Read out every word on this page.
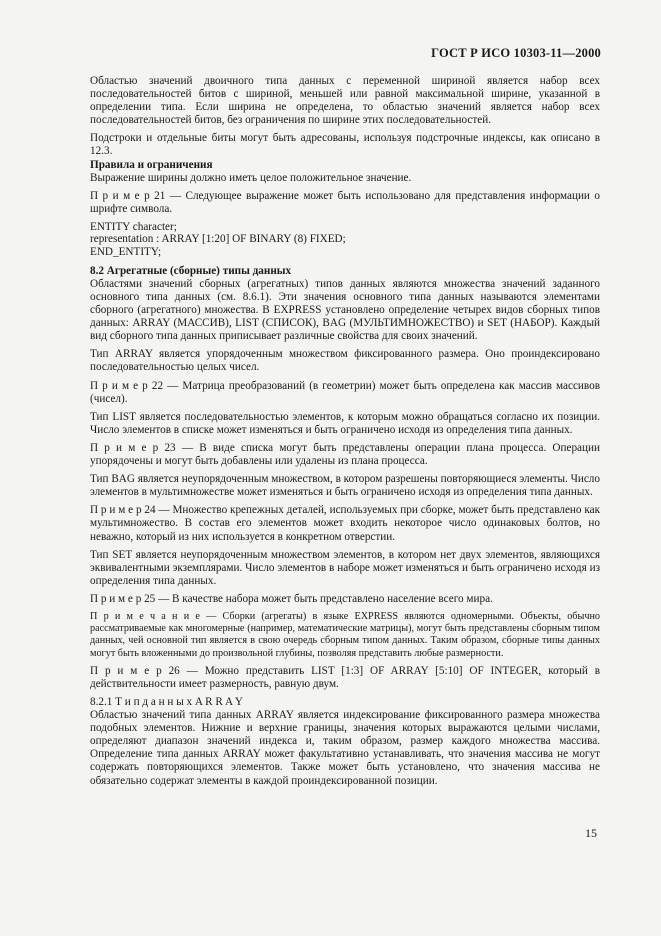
ГОСТ Р ИСО 10303-11—2000

Областью значений двоичного типа данных с переменной шириной является набор всех последовательностей битов с шириной, меньшей или равной максимальной ширине, указанной в определении типа. Если ширина не определена, то областью значений является набор всех последовательностей битов, без ограничения по ширине этих последовательностей.

Подстроки и отдельные биты могут быть адресованы, используя подстрочные индексы, как описано в 12.3.

Правила и ограничения

Выражение ширины должно иметь целое положительное значение.

П р и м е р 21 — Следующее выражение может быть использовано для представления информации о шрифте символа.

ENTITY character;
representation : ARRAY [1:20] OF BINARY (8) FIXED;
END_ENTITY;

8.2 Агрегатные (сборные) типы данных

Областями значений сборных (агрегатных) типов данных являются множества значений заданного основного типа данных (см. 8.6.1). Эти значения основного типа данных называются элементами сборного (агрегатного) множества. В EXPRESS установлено определение четырех видов сборных типов данных: ARRAY (МАССИВ), LIST (СПИСОК), BAG (МУЛЬТИМНОЖЕСТВО) и SET (НАБОР). Каждый вид сборного типа данных приписывает различные свойства для своих значений.

Тип ARRAY является упорядоченным множеством фиксированного размера. Оно проиндексировано последовательностью целых чисел.

П р и м е р 22 — Матрица преобразований (в геометрии) может быть определена как массив массивов (чисел).

Тип LIST является последовательностью элементов, к которым можно обращаться согласно их позиции. Число элементов в списке может изменяться и быть ограничено исходя из определения типа данных.

П р и м е р 23 — В виде списка могут быть представлены операции плана процесса. Операции упорядочены и могут быть добавлены или удалены из плана процесса.

Тип BAG является неупорядоченным множеством, в котором разрешены повторяющиеся элементы. Число элементов в мультимножестве может изменяться и быть ограничено исходя из определения типа данных.

П р и м е р 24 — Множество крепежных деталей, используемых при сборке, может быть представлено как мультимножество. В состав его элементов может входить некоторое число одинаковых болтов, но неважно, который из них используется в конкретном отверстии.

Тип SET является неупорядоченным множеством элементов, в котором нет двух элементов, являющихся эквивалентными экземплярами. Число элементов в наборе может изменяться и быть ограничено исходя из определения типа данных.

П р и м е р 25 — В качестве набора может быть представлено население всего мира.

П р и м е ч а н и е — Сборки (агрегаты) в языке EXPRESS являются одномерными. Объекты, обычно рассматриваемые как многомерные (например, математические матрицы), могут быть представлены сборным типом данных, чей основной тип является в свою очередь сборным типом данных. Таким образом, сборные типы данных могут быть вложенными до произвольной глубины, позволяя представить любые размерности.

П р и м е р 26 — Можно представить LIST [1:3] OF ARRAY [5:10] OF INTEGER, который в действительности имеет размерность, равную двум.

8.2.1 Т и п д а н н ы х A R R A Y

Областью значений типа данных ARRAY является индексирование фиксированного размера множества подобных элементов. Нижние и верхние границы, значения которых выражаются целыми числами, определяют диапазон значений индекса и, таким образом, размер каждого множества массива. Определение типа данных ARRAY может факультативно устанавливать, что значения массива не могут содержать повторяющихся элементов. Также может быть установлено, что значения массива не обязательно содержат элементы в каждой проиндексированной позиции.

15
